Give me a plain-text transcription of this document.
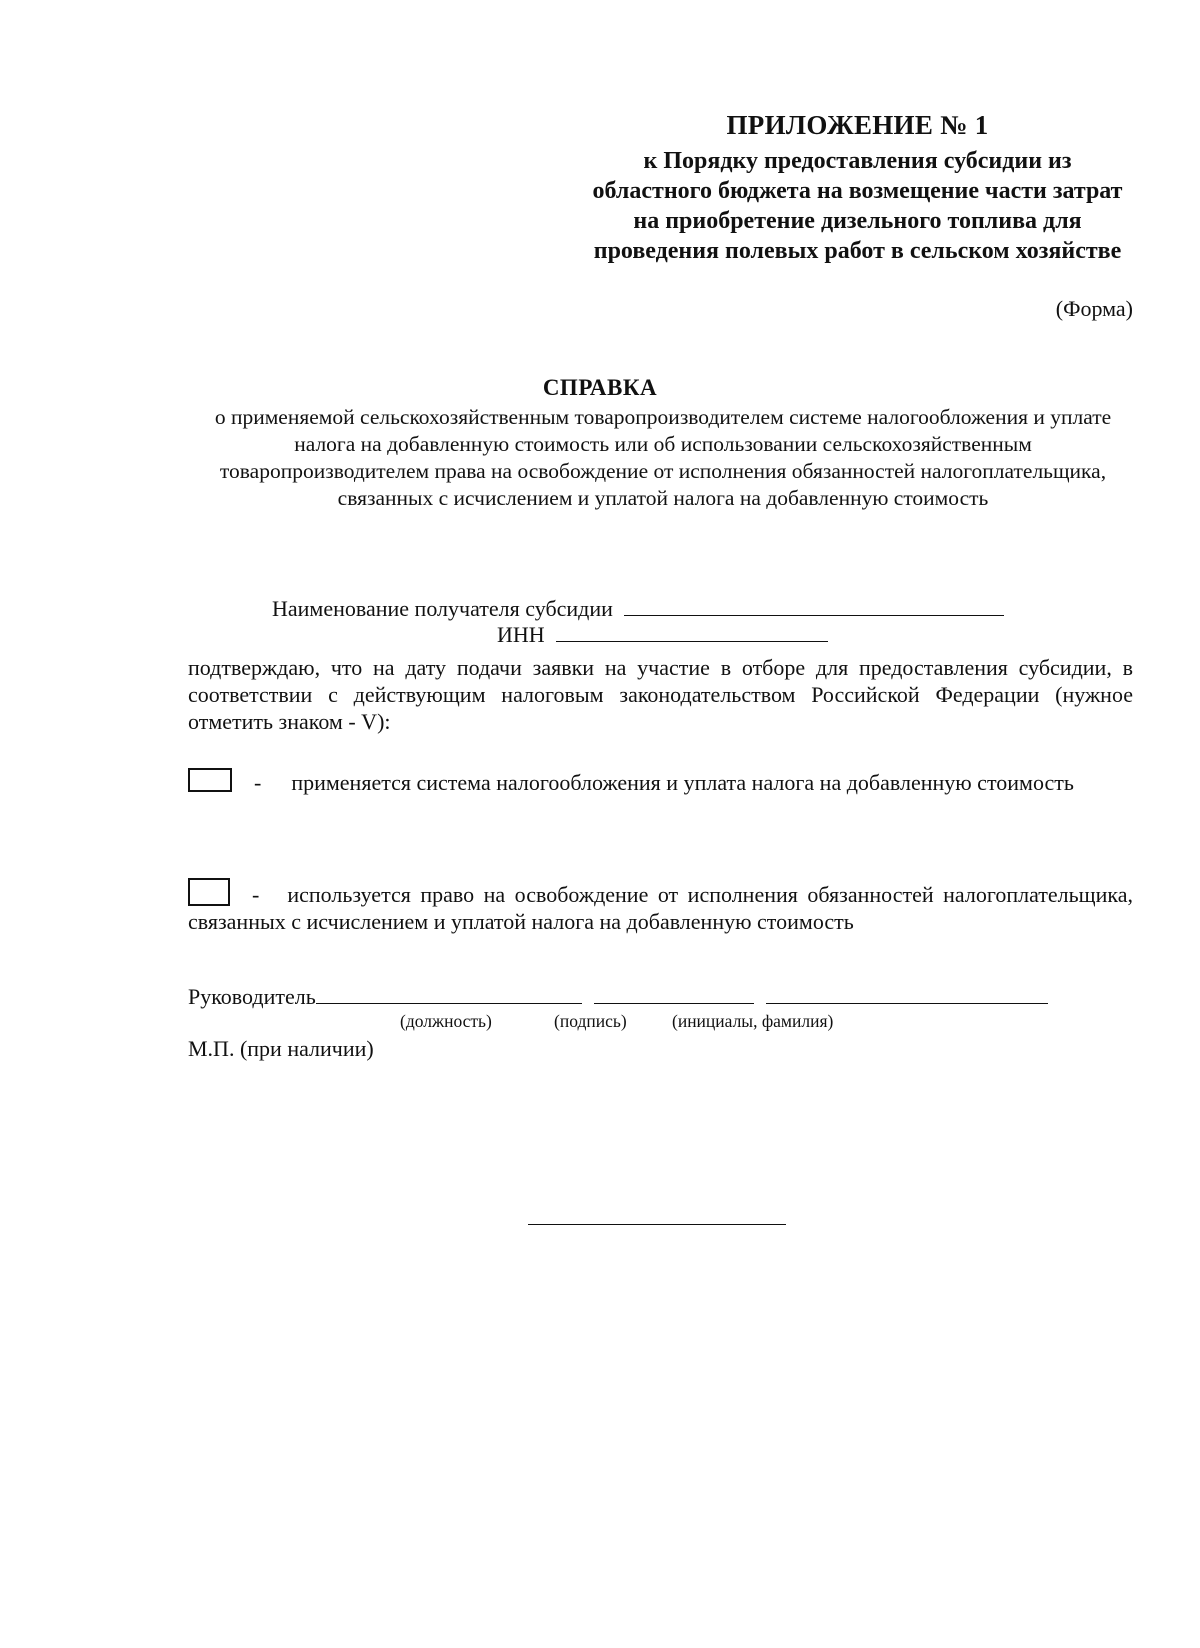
ПРИЛОЖЕНИЕ № 1
к Порядку предоставления субсидии из областного бюджета на возмещение части затрат на приобретение дизельного топлива для проведения полевых работ в сельском хозяйстве
(Форма)
СПРАВКА
о применяемой сельскохозяйственным товаропроизводителем системе налогообложения и уплате налога на добавленную стоимость или об использовании сельскохозяйственным товаропроизводителем права на освобождение от исполнения обязанностей налогоплательщика, связанных с исчислением и уплатой налога на добавленную стоимость
Наименование получателя субсидии
ИНН
подтверждаю, что на дату подачи заявки на участие в отборе для предоставления субсидии, в соответствии с действующим налоговым законодательством Российской Федерации (нужное отметить знаком - V):
- применяется система налогообложения и уплата налога на добавленную стоимость
- используется право на освобождение от исполнения обязанностей налогоплательщика, связанных с исчислением и уплатой налога на добавленную стоимость
Руководитель
(должность)	(подпись)	(инициалы, фамилия)
М.П. (при наличии)
